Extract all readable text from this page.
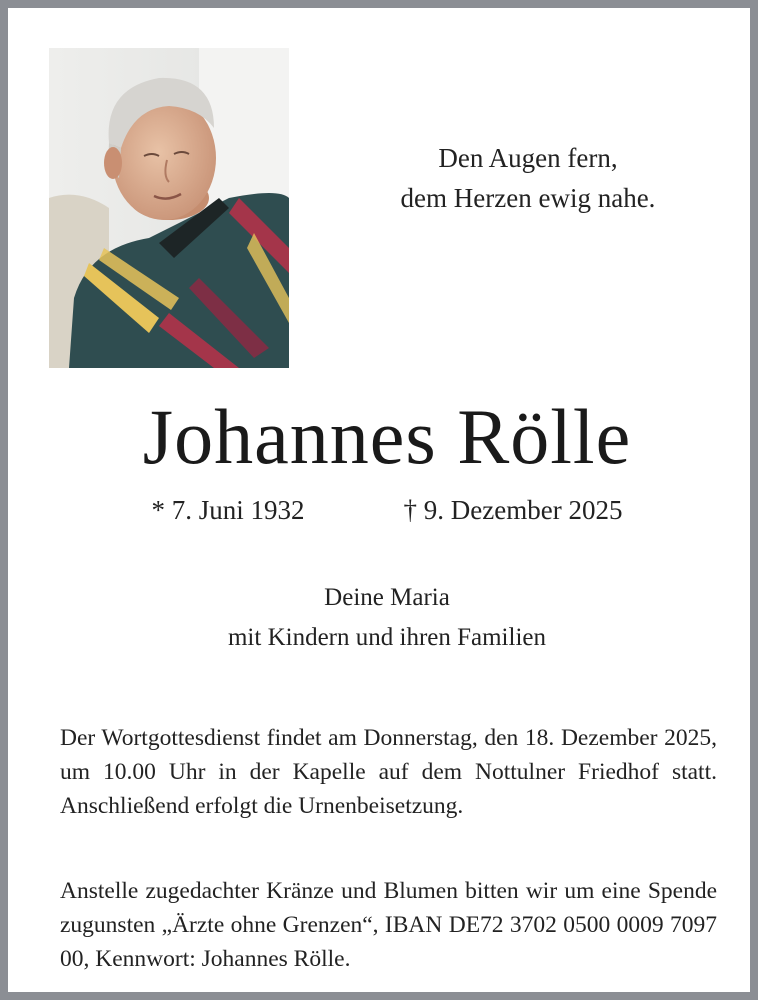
Den Augen fern,
dem Herzen ewig nahe.
Johannes Rölle
* 7. Juni 1932	† 9. Dezember 2025
Deine Maria
mit Kindern und ihren Familien
Der Wortgottesdienst findet am Donnerstag, den 18. Dezember 2025, um 10.00 Uhr in der Kapelle auf dem Nottulner Friedhof statt. Anschließend erfolgt die Urnenbeisetzung.
Anstelle zugedachter Kränze und Blumen bitten wir um eine Spende zugunsten „Ärzte ohne Grenzen“, IBAN DE72 3702 0500 0009 7097 00, Kennwort: Johannes Rölle.
